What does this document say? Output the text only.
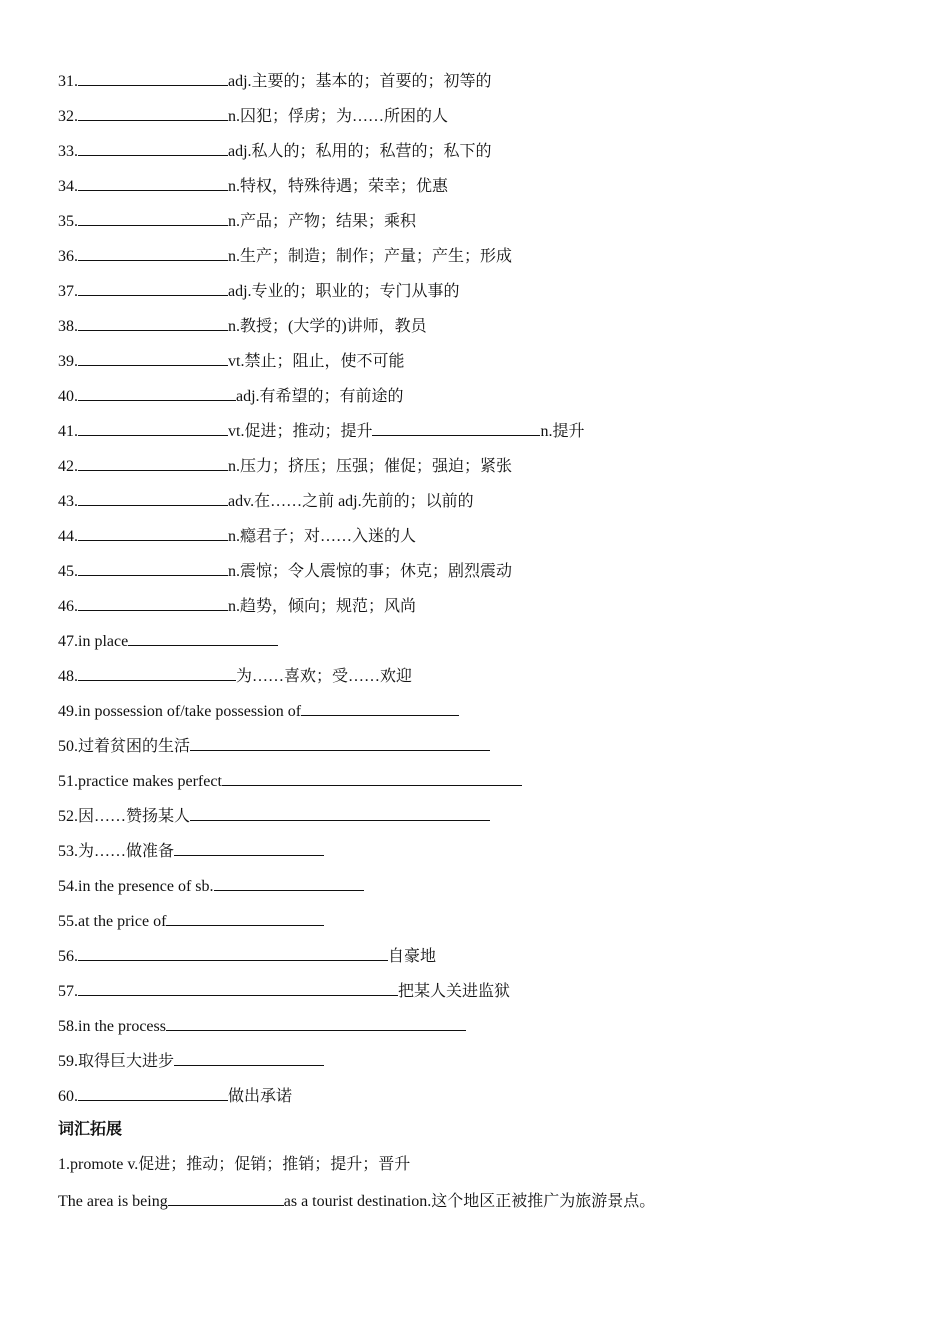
31.	adj.主要的；基本的；首要的；初等的
32.	n.囚犯；俘虏；为……所困的人
33.	adj.私人的；私用的；私营的；私下的
34.	n.特权，特殊待遇；荣幸；优惠
35.	n.产品；产物；结果；乘积
36.	n.生产；制造；制作；产量；产生；形成
37.	adj.专业的；职业的；专门从事的
38.	n.教授；(大学的)讲师，教员
39.	vt.禁止；阻止，使不可能
40.	adj.有希望的；有前途的
41.	vt.促进；推动；提升	n.提升
42.	n.压力；挤压；压强；催促；强迫；紧张
43.	adv.在……之前 adj.先前的；以前的
44.	n.瘾君子；对……入迷的人
45.	n.震惊；令人震惊的事；休克；剧烈震动
46.	n.趋势，倾向；规范；风尚
47.in place
48.	为……喜欢；受……欢迎
49.in possession of/take possession of
50.过着贫困的生活
51.practice makes perfect
52.因……赞扬某人
53.为……做准备
54.in the presence of sb.
55.at the price of
56.	自豪地
57.	把某人关进监狱
58.in the process
59.取得巨大进步
60.	做出承诺
词汇拓展
1.promote v.促进；推动；促销；推销；提升；晋升
The area is being	as a tourist destination.这个地区正被推广为旅游景点。
